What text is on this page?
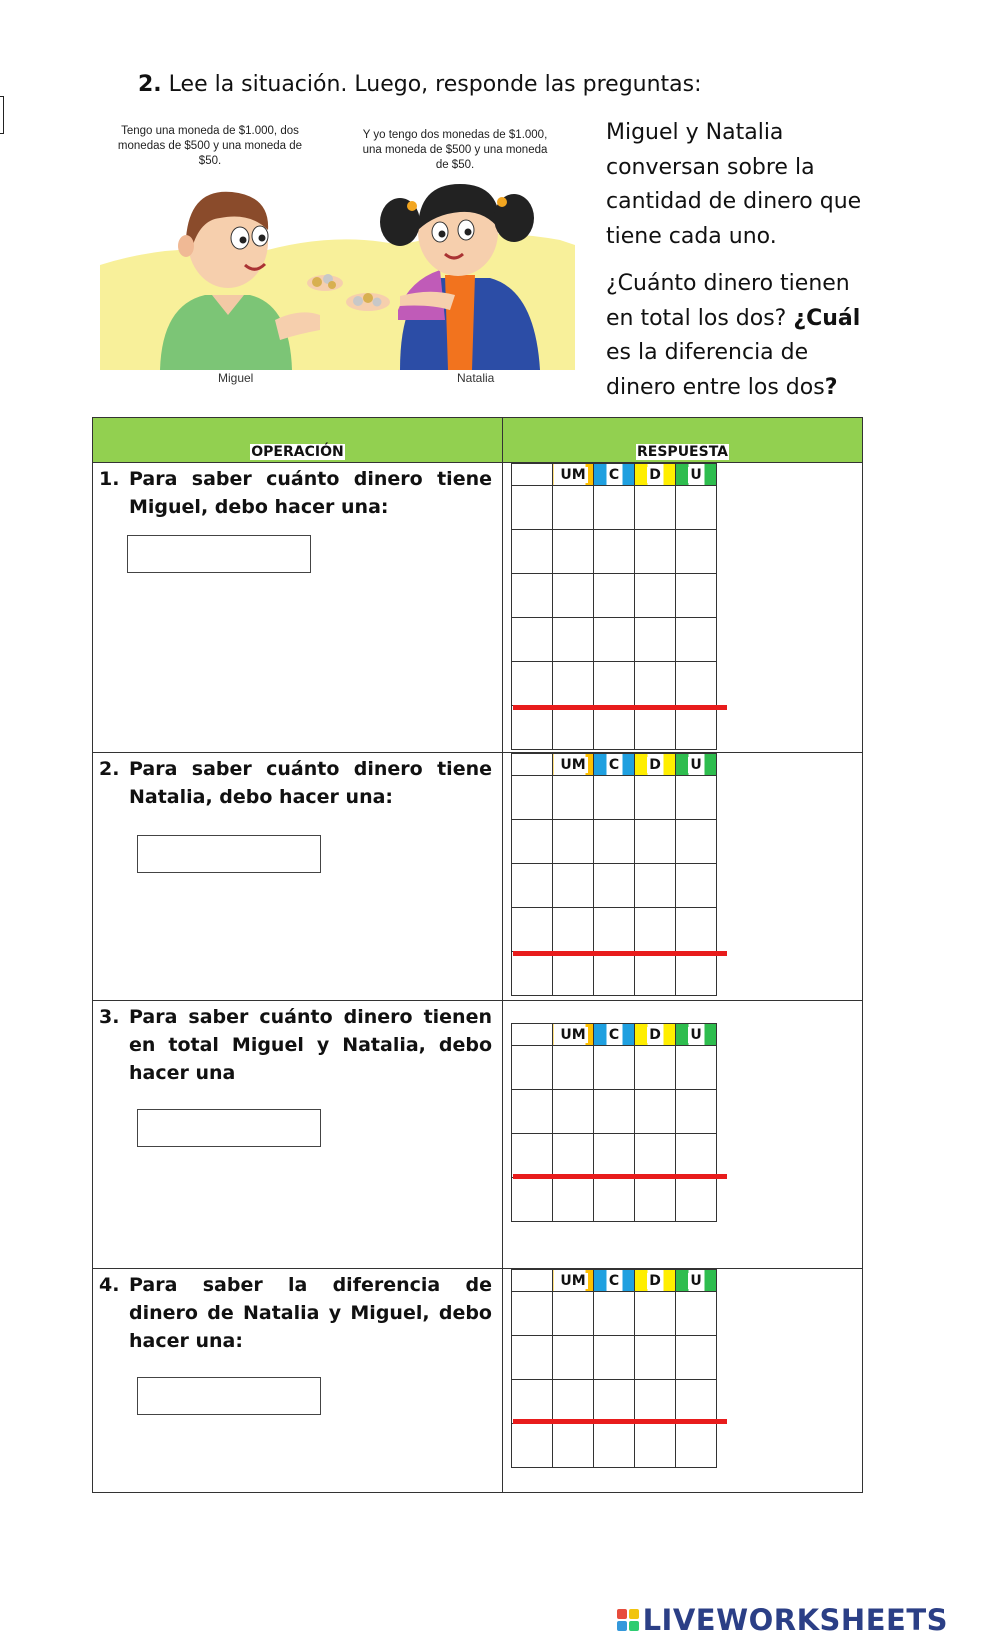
2. Lee la situación. Luego, responde las preguntas:
Tengo una moneda de $1.000, dos monedas de $500 y una moneda de $50.
Y yo tengo dos monedas de $1.000, una moneda de $500 y una moneda de $50.
Miguel	Natalia

Miguel y Natalia conversan sobre la cantidad de dinero que tiene cada uno.

¿Cuánto dinero tienen en total los dos? ¿Cuál es la diferencia de dinero entre los dos?

OPERACIÓN	RESPUESTA

1. Para saber cuánto dinero tiene Miguel, debo hacer una:

	UM	C	D	U

2. Para saber cuánto dinero tiene Natalia, debo hacer una:

	UM	C	D	U

3. Para saber cuánto dinero tienen en total Miguel y Natalia, debo hacer una

	UM	C	D	U

4. Para saber la diferencia de dinero de Natalia y Miguel, debo hacer una:

	UM	C	D	U

LIVEWORKSHEETS
